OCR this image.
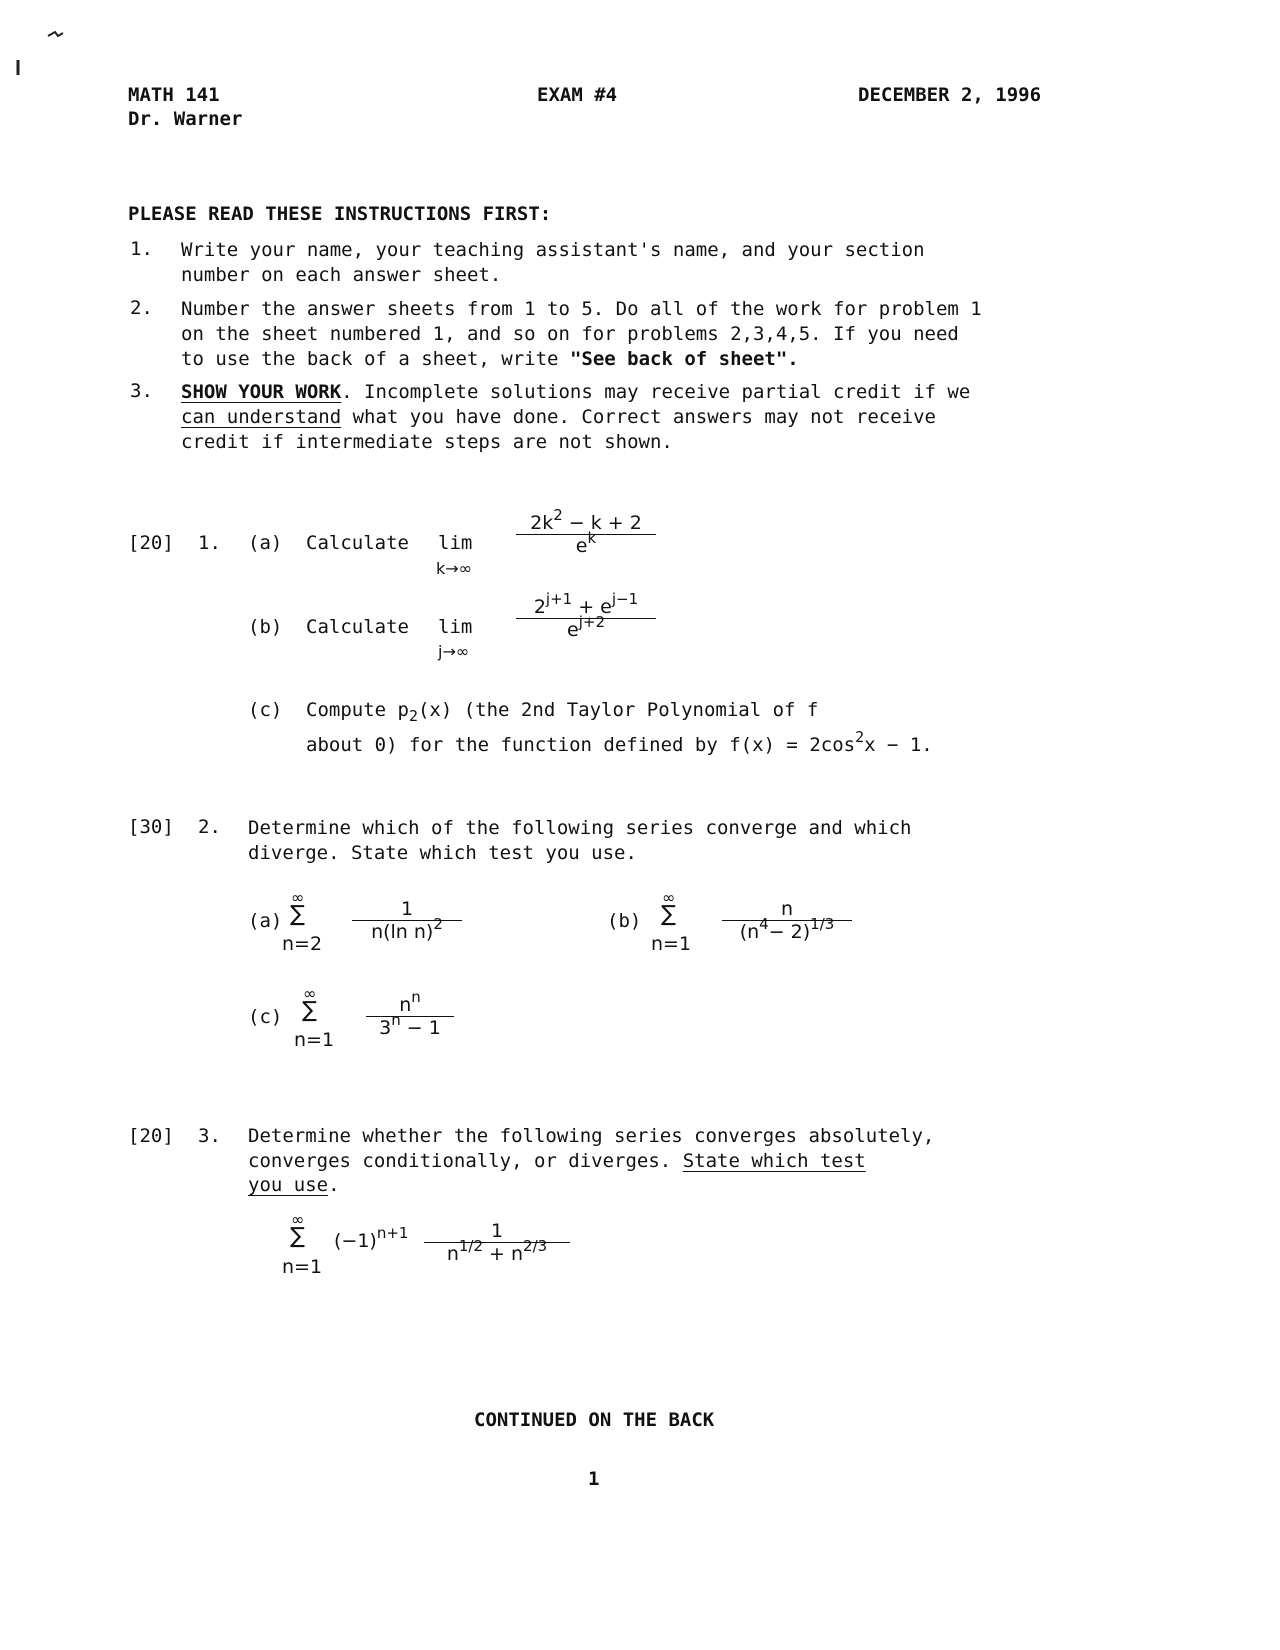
MATH 141
Dr. Warner
EXAM #4	DECEMBER 2, 1996
PLEASE READ THESE INSTRUCTIONS FIRST:
1. Write your name, your teaching assistant's name, and your section
number on each answer sheet.
2. Number the answer sheets from 1 to 5. Do all of the work for problem 1
on the sheet numbered 1, and so on for problems 2,3,4,5. If you need
to use the back of a sheet, write "See back of sheet".
3. SHOW YOUR WORK. Incomplete solutions may receive partial credit if we
can understand what you have done. Correct answers may not receive
credit if intermediate steps are not shown.
[20] 1. (a) Calculate lim
k→∞
$2k^2 - k + 2$
$e^k$
(b) Calculate lim
j→∞
$2^{j+1} + e^{j-1}$
$e^{j+2}$
(c) Compute $p_2(x)$ (the 2nd Taylor Polynomial of f
about 0) for the function defined by $f(x) = 2\cos^2x - 1$.
[30] 2. Determine which of the following series converge and which
diverge. State which test you use.
(a)
∞
∑
n=2
1
n(ln n)$^2$	(b)
∞
∑
n=1
n
$(n^4- 2)^{1/3}$
(c)
∞
∑
n=1
$n^n$
$3^n - 1$
[20] 3. Determine whether the following series converges absolutely,
converges conditionally, or diverges. State which test
you use.
∞
∑
n=1
$(-1)^{n+1}$	1
$n^{1/2} + n^{2/3}$
CONTINUED ON THE BACK
1
